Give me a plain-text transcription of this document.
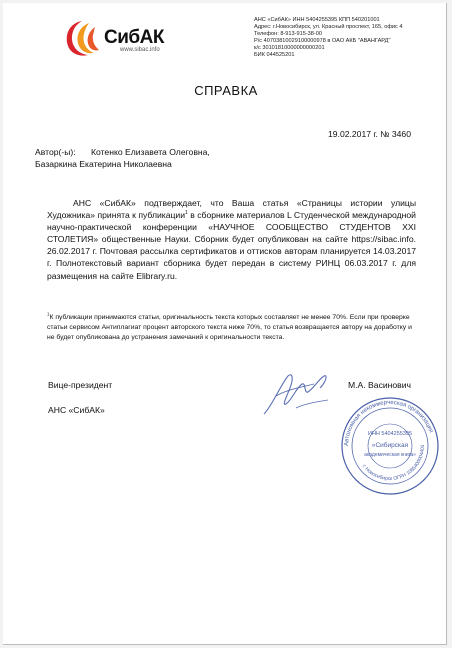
СибАК
www.sibac.info
АНС «СибАК» ИНН 5404255395 КПП 540201001
Адрес: г.Новосибирск, ул. Красный проспект, 165, офис 4
Телефон: 8-913-915-38-00
Р/с 40703810029100000978 в ОАО АКБ "АВАНГАРД"
к/с 30101810000000000201
БИК 044525201
СПРАВКА
19.02.2017 г. № 3460
Автор(-ы): Котенко Елизавета Олеговна,
Базаркина Екатерина Николаевна
АНС «СибАК» подтверждает, что Ваша статья «Страницы истории улицы Художника» принята к публикации$^1$ в сборнике материалов L Студенческой международной научно-практической конференции «НАУЧНОЕ СООБЩЕСТВО СТУДЕНТОВ XXI СТОЛЕТИЯ» общественные Науки. Сборник будет опубликован на сайте https://sibac.info. 26.02.2017 г. Почтовая рассылка сертификатов и оттисков авторам планируется 14.03.2017 г. Полнотекстовый вариант сборника будет передан в систему РИНЦ 06.03.2017 г. для размещения на сайте Elibrary.ru.
$^1$К публикации принимаются статьи, оригинальность текста которых составляет не менее 70%. Если при проверке статьи сервисом Антиплагиат процент авторского текста ниже 70%, то статья возвращается автору на доработку и не будет опубликована до устранения замечаний к оригинальности текста.
Вице-президент
АНС «СибАК»
М.А. Васинович
Автономная некоммерческая организация
г. Новосибирск ОГРН 1085400004401
ИНН 5404255395
«Сибирская
академическая книга»
